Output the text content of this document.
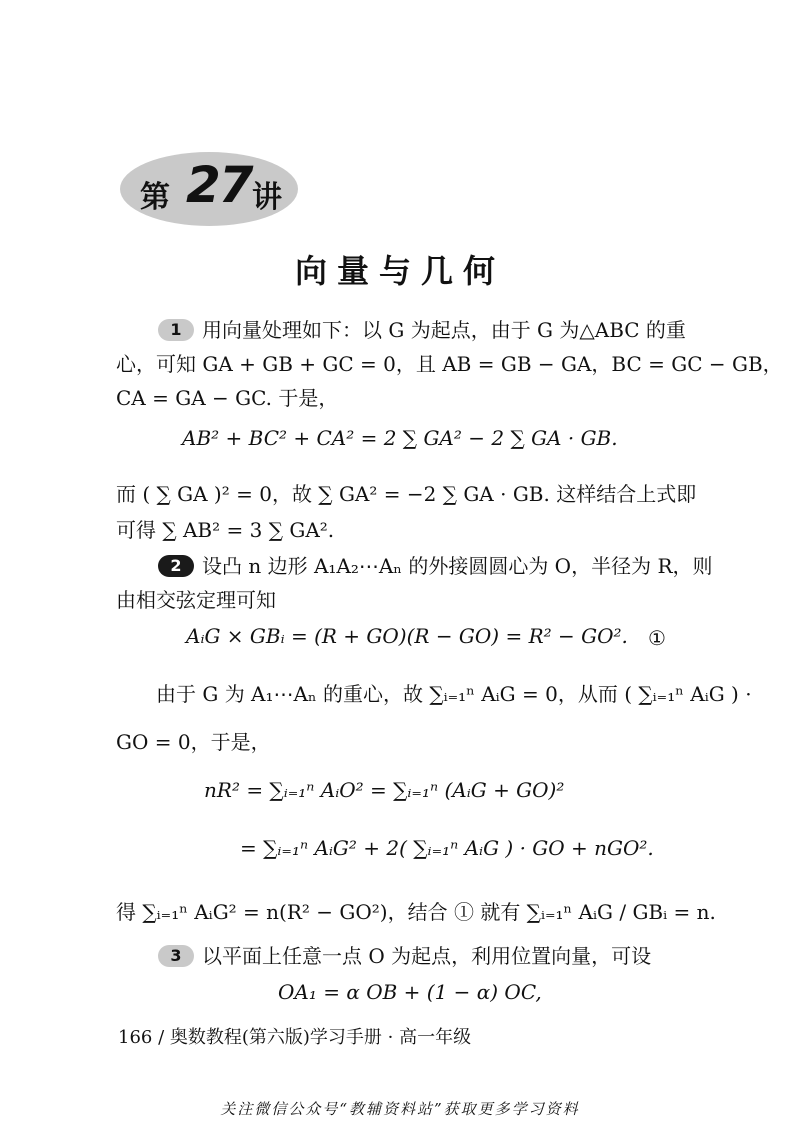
第 27 讲
向量与几何
1 用向量处理如下：以 G 为起点，由于 G 为△ABC 的重
心，可知 GA + GB + GC = 0，且 AB = GB − GA，BC = GC − GB，
CA = GA − GC. 于是，
AB² + BC² + CA² = 2 ∑ GA² − 2 ∑ GA · GB.
而 ( ∑ GA )² = 0，故 ∑ GA² = −2 ∑ GA · GB. 这样结合上式即
可得 ∑ AB² = 3 ∑ GA².
2 设凸 n 边形 A₁A₂⋯Aₙ 的外接圆圆心为 O，半径为 R，则
由相交弦定理可知
AᵢG × GBᵢ = (R + GO)(R − GO) = R² − GO². ①
由于 G 为 A₁⋯Aₙ 的重心，故 ∑ᵢ₌₁ⁿ AᵢG = 0，从而 ( ∑ᵢ₌₁ⁿ AᵢG ) ·
GO = 0，于是，
nR² = ∑ᵢ₌₁ⁿ AᵢO² = ∑ᵢ₌₁ⁿ (AᵢG + GO)²
= ∑ᵢ₌₁ⁿ AᵢG² + 2( ∑ᵢ₌₁ⁿ AᵢG ) · GO + nGO².
得 ∑ᵢ₌₁ⁿ AᵢG² = n(R² − GO²)，结合 ① 就有 ∑ᵢ₌₁ⁿ AᵢG / GBᵢ = n.
3 以平面上任意一点 O 为起点，利用位置向量，可设
OA₁ = α OB + (1 − α) OC,
166 / 奥数教程(第六版)学习手册 · 高一年级
关注微信公众号“教辅资料站”获取更多学习资料
